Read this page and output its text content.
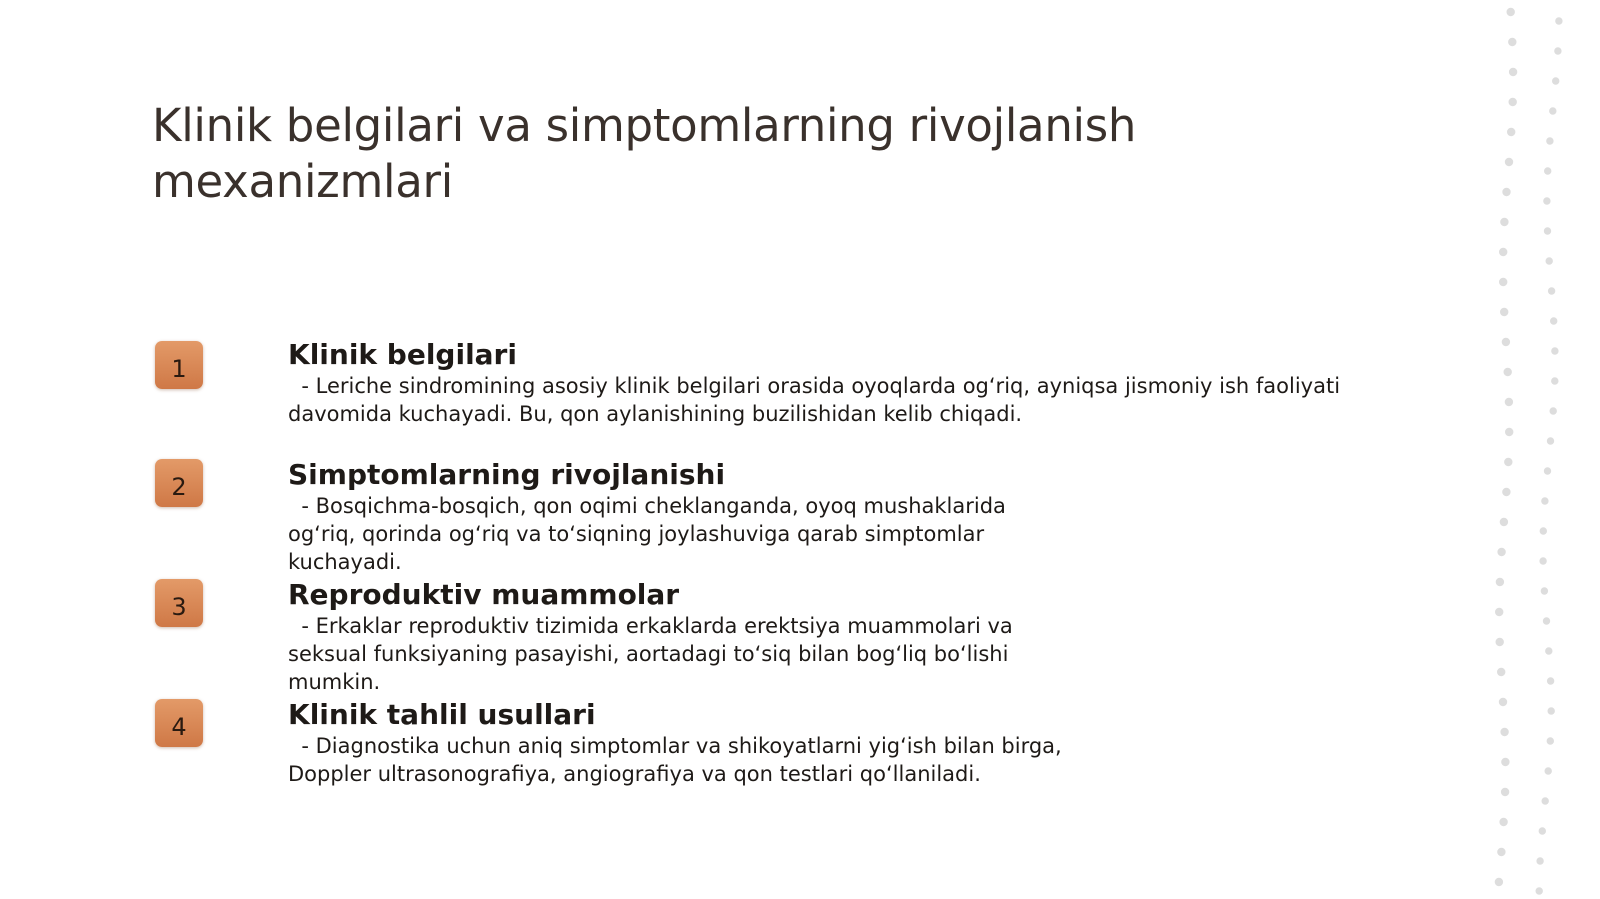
Klinik belgilari va simptomlarning rivojlanish mexanizmlari
1	Klinik belgilari

- Leriche sindromining asosiy klinik belgilari orasida oyoqlarda og‘riq, ayniqsa jismoniy ish faoliyati
davomida kuchayadi. Bu, qon aylanishining buzilishidan kelib chiqadi.

2	Simptomlarning rivojlanishi

- Bosqichma-bosqich, qon oqimi cheklanganda, oyoq mushaklarida
og‘riq, qorinda og‘riq va to‘siqning joylashuviga qarab simptomlar
kuchayadi.

3	Reproduktiv muammolar

- Erkaklar reproduktiv tizimida erkaklarda erektsiya muammolari va
seksual funksiyaning pasayishi, aortadagi to‘siq bilan bog‘liq bo‘lishi
mumkin.

4	Klinik tahlil usullari

- Diagnostika uchun aniq simptomlar va shikoyatlarni yig‘ish bilan birga,
Doppler ultrasonografiya, angiografiya va qon testlari qo‘llaniladi.
